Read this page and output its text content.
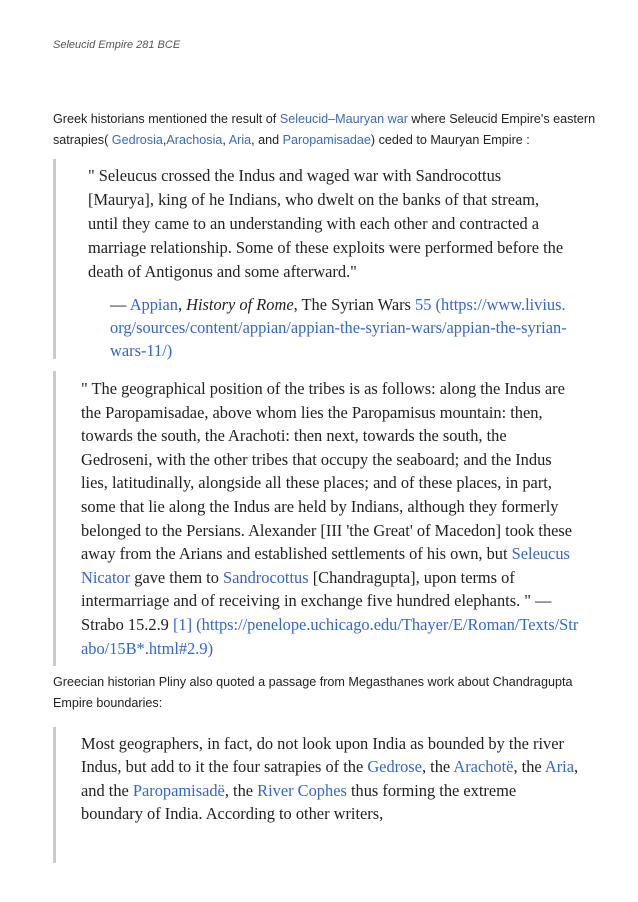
Seleucid Empire 281 BCE

Greek historians mentioned the result of Seleucid–Mauryan war where Seleucid Empire's eastern satrapies( Gedrosia,Arachosia, Aria, and Paropamisadae) ceded to Mauryan Empire :

" Seleucus crossed the Indus and waged war with Sandrocottus [Maurya], king of he Indians, who dwelt on the banks of that stream, until they came to an understanding with each other and contracted a marriage relationship. Some of these exploits were performed before the death of Antigonus and some afterward."
— Appian, History of Rome, The Syrian Wars 55 (https://www.livius.org/sources/content/appian/appian-the-syrian-wars/appian-the-syrian-wars-11/)
" The geographical position of the tribes is as follows: along the Indus are the Paropamisadae, above whom lies the Paropamisus mountain: then, towards the south, the Arachoti: then next, towards the south, the Gedroseni, with the other tribes that occupy the seaboard; and the Indus lies, latitudinally, alongside all these places; and of these places, in part, some that lie along the Indus are held by Indians, although they formerly belonged to the Persians. Alexander [III 'the Great' of Macedon] took these away from the Arians and established settlements of his own, but Seleucus Nicator gave them to Sandrocottus [Chandragupta], upon terms of intermarriage and of receiving in exchange five hundred elephants. " — Strabo 15.2.9 [1] (https://penelope.uchicago.edu/Thayer/E/Roman/Texts/Strabo/15B*.html#2.9)

Greecian historian Pliny also quoted a passage from Megasthanes work about Chandragupta Empire boundaries:

Most geographers, in fact, do not look upon India as bounded by the river Indus, but add to it the four satrapies of the Gedrose, the Arachotë, the Aria, and the Paropamisadë, the River Cophes thus forming the extreme boundary of India. According to other writers,
